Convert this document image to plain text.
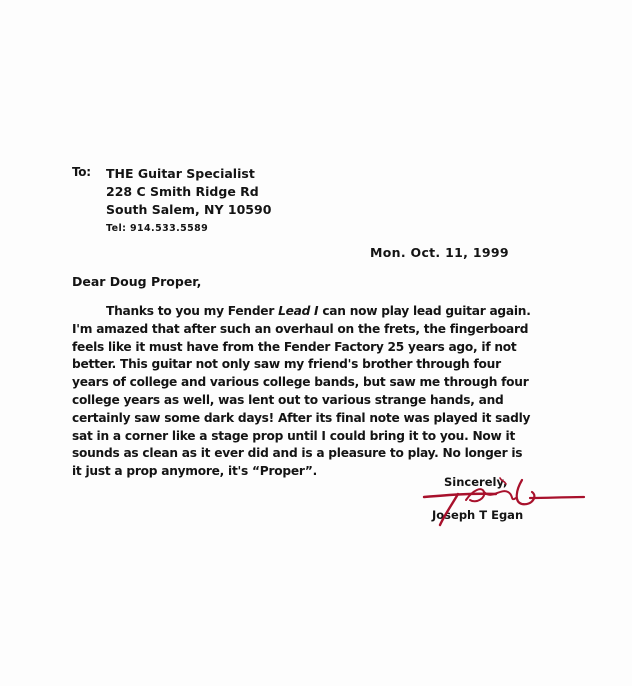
To: THE Guitar Specialist
228 C Smith Ridge Rd
South Salem, NY 10590
Tel: 914.533.5589
Mon. Oct. 11, 1999
Dear Doug Proper,
Thanks to you my Fender Lead I can now play lead guitar again.
I'm amazed that after such an overhaul on the frets, the fingerboard
feels like it must have from the Fender Factory 25 years ago, if not
better. This guitar not only saw my friend's brother through four
years of college and various college bands, but saw me through four
college years as well, was lent out to various strange hands, and
certainly saw some dark days! After its final note was played it sadly
sat in a corner like a stage prop until I could bring it to you. Now it
sounds as clean as it ever did and is a pleasure to play. No longer is
it just a prop anymore, it's “Proper”.
Sincerely,
Joseph T Egan
